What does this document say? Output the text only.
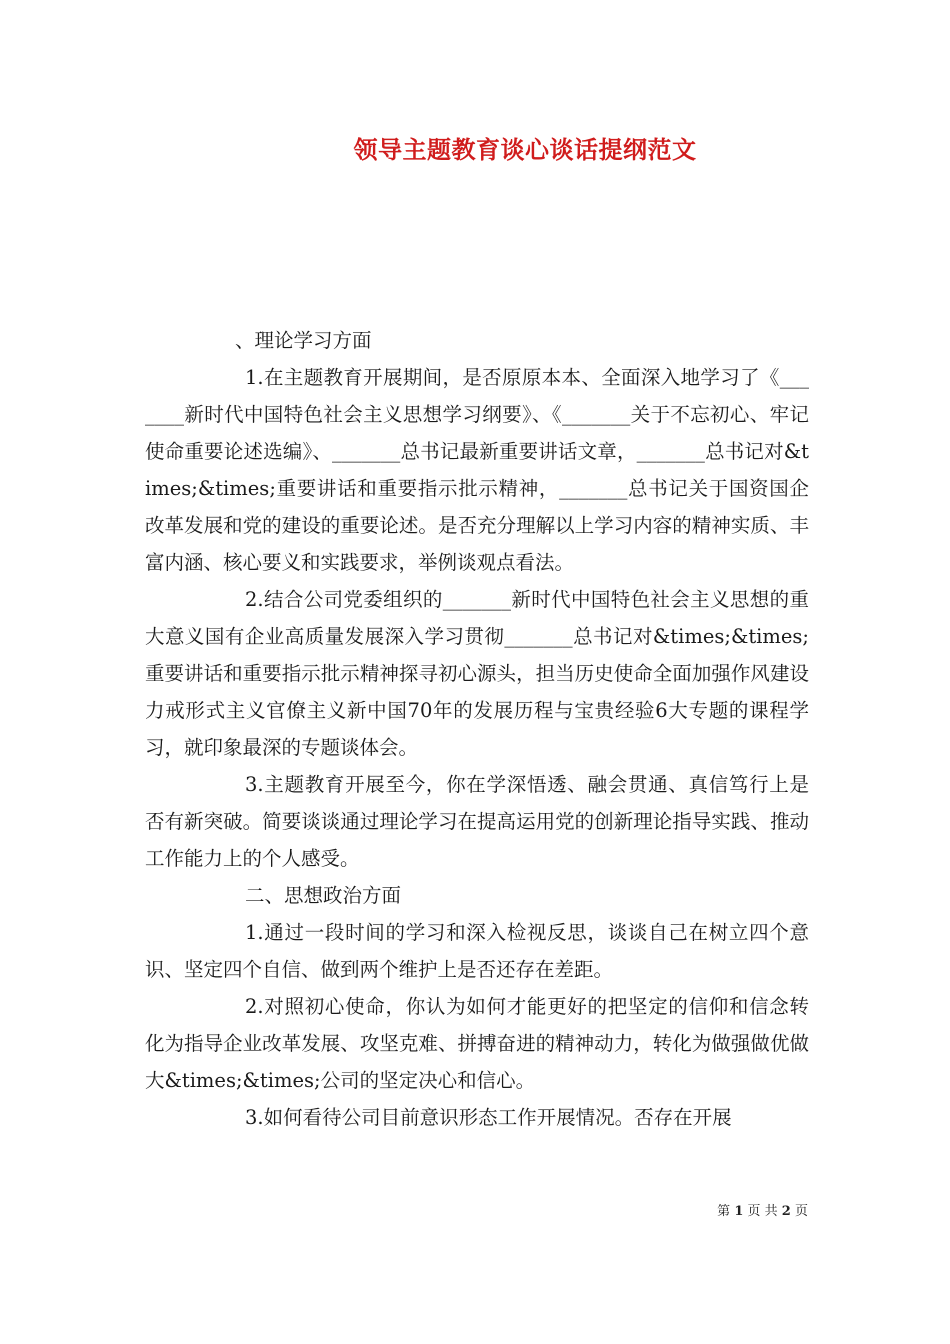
领导主题教育谈心谈话提纲范文

、理论学习方面

1.在主题教育开展期间，是否原原本本、全面深入地学习了《_______新时代中国特色社会主义思想学习纲要》、《_______关于不忘初心、牢记使命重要论述选编》、_______总书记最新重要讲话文章，_______总书记对&times;&times;重要讲话和重要指示批示精神，_______总书记关于国资国企改革发展和党的建设的重要论述。是否充分理解以上学习内容的精神实质、丰富内涵、核心要义和实践要求，举例谈观点看法。

2.结合公司党委组织的_______新时代中国特色社会主义思想的重大意义国有企业高质量发展深入学习贯彻_______总书记对&times;&times;重要讲话和重要指示批示精神探寻初心源头，担当历史使命全面加强作风建设力戒形式主义官僚主义新中国70年的发展历程与宝贵经验6大专题的课程学习，就印象最深的专题谈体会。

3.主题教育开展至今，你在学深悟透、融会贯通、真信笃行上是否有新突破。简要谈谈通过理论学习在提高运用党的创新理论指导实践、推动工作能力上的个人感受。

二、思想政治方面

1.通过一段时间的学习和深入检视反思，谈谈自己在树立四个意识、坚定四个自信、做到两个维护上是否还存在差距。

2.对照初心使命，你认为如何才能更好的把坚定的信仰和信念转化为指导企业改革发展、攻坚克难、拼搏奋进的精神动力，转化为做强做优做大&times;&times;公司的坚定决心和信心。

3.如何看待公司目前意识形态工作开展情况。否存在开展

第 1 页 共 2 页
